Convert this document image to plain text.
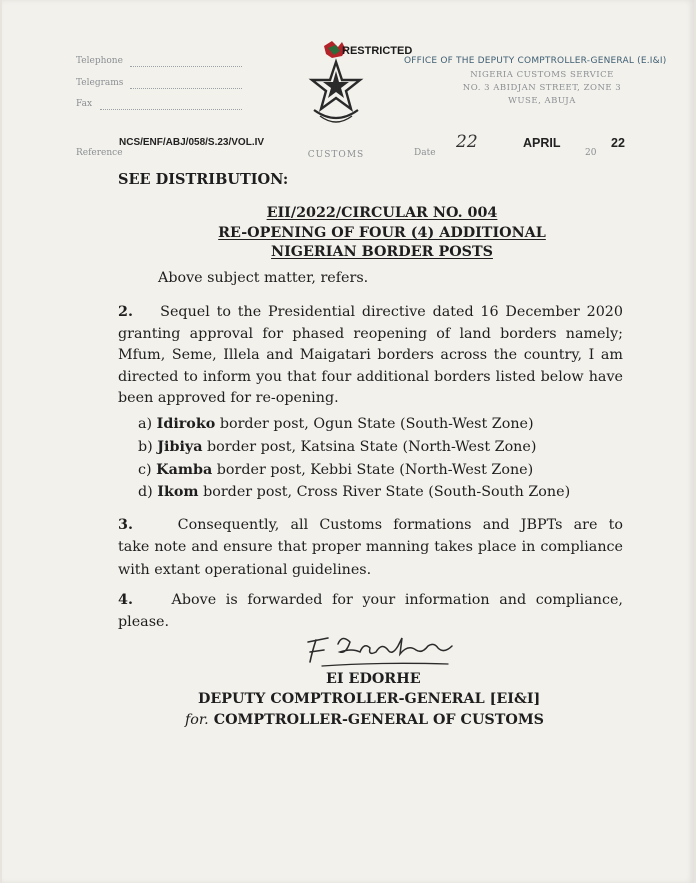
Telephone
Telegrams
Fax
CUSTOMS
RESTRICTED
OFFICE OF THE DEPUTY COMPTROLLER-GENERAL (E.I&I)
NIGERIA CUSTOMS SERVICE
NO. 3 ABIDJAN STREET, ZONE 3
WUSE, ABUJA
Reference
NCS/ENF/ABJ/058/S.23/VOL.IV
Date
22	APRIL
20
22
SEE DISTRIBUTION:
EII/2022/CIRCULAR NO. 004
RE-OPENING OF FOUR (4) ADDITIONAL
NIGERIAN BORDER POSTS
Above subject matter, refers.
2. Sequel to the Presidential directive dated 16 December 2020
granting approval for phased reopening of land borders namely; Mfum, Seme, Illela and Maigatari borders across the country, I am directed to inform you that four additional borders listed below have been approved for re-opening.
a) Idiroko border post, Ogun State (South-West Zone)
b) Jibiya border post, Katsina State (North-West Zone)
c) Kamba border post, Kebbi State (North-West Zone)
d) Ikom border post, Cross River State (South-South Zone)
3.	Consequently, all Customs formations and JBPTs are to
take note and ensure that proper manning takes place in compliance with extant operational guidelines.
4.	Above is forwarded for your information and compliance,
please.
EI EDORHE
DEPUTY COMPTROLLER-GENERAL [EI&I]
for. COMPTROLLER-GENERAL OF CUSTOMS
